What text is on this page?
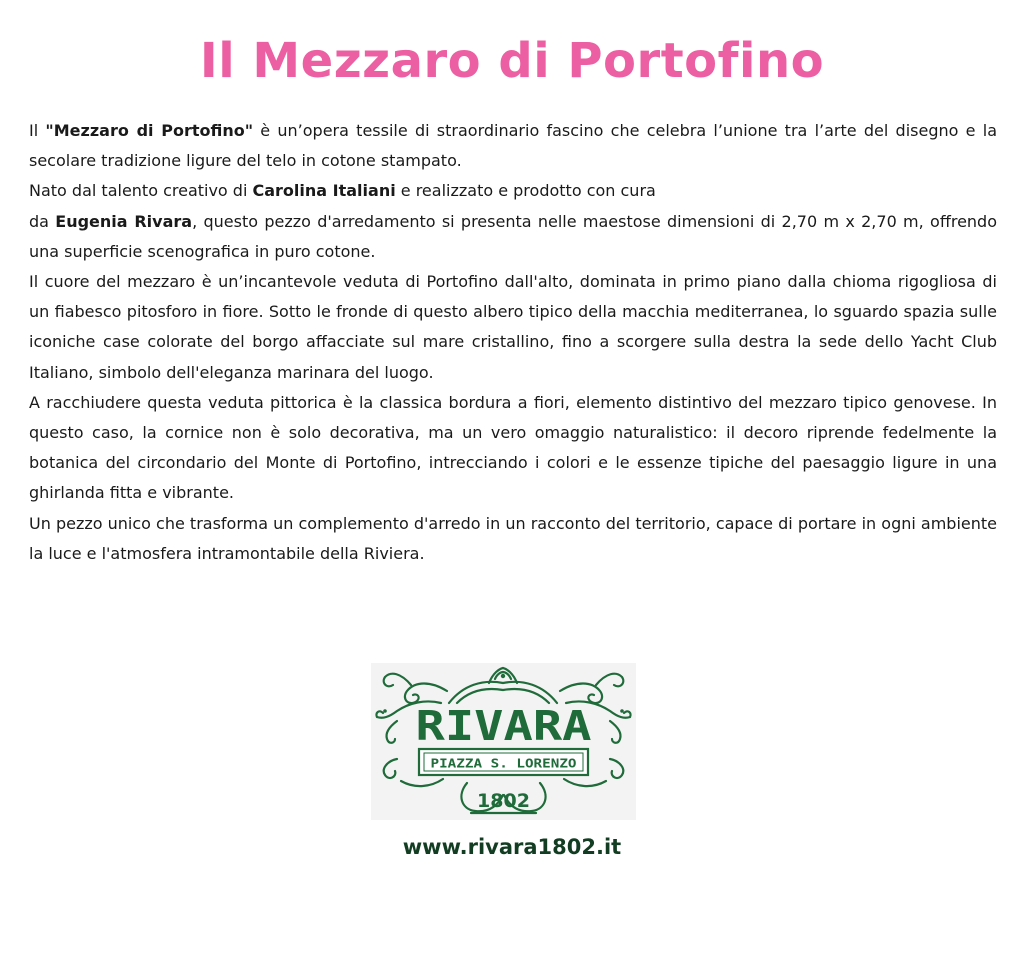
Il Mezzaro di Portofino

Il "Mezzaro di Portofino" è un’opera tessile di straordinario fascino che celebra l’unione tra l’arte del disegno e la secolare tradizione ligure del telo in cotone stampato.

Nato dal talento creativo di Carolina Italiani e realizzato e prodotto con cura

da Eugenia Rivara, questo pezzo d'arredamento si presenta nelle maestose dimensioni di 2,70 m x 2,70 m, offrendo una superficie scenografica in puro cotone.

Il cuore del mezzaro è un’incantevole veduta di Portofino dall'alto, dominata in primo piano dalla chioma rigogliosa di un fiabesco pitosforo in fiore. Sotto le fronde di questo albero tipico della macchia mediterranea, lo sguardo spazia sulle iconiche case colorate del borgo affacciate sul mare cristallino, fino a scorgere sulla destra la sede dello Yacht Club Italiano, simbolo dell'eleganza marinara del luogo.

A racchiudere questa veduta pittorica è la classica bordura a fiori, elemento distintivo del mezzaro tipico genovese. In questo caso, la cornice non è solo decorativa, ma un vero omaggio naturalistico: il decoro riprende fedelmente la botanica del circondario del Monte di Portofino, intrecciando i colori e le essenze tipiche del paesaggio ligure in una ghirlanda fitta e vibrante.

Un pezzo unico che trasforma un complemento d'arredo in un racconto del territorio, capace di portare in ogni ambiente la luce e l'atmosfera intramontabile della Riviera.

RIVARA
PIAZZA S. LORENZO
1802
www.rivara1802.it
